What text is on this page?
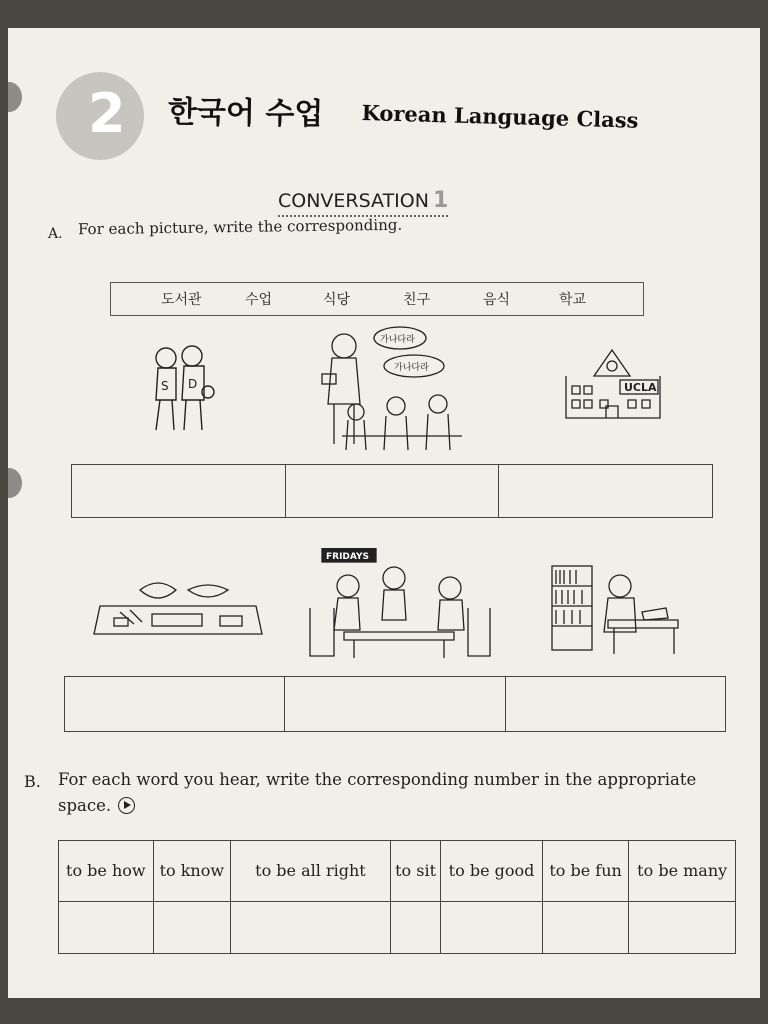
2 한국어 수업 Korean Language Class
CONVERSATION 1
A. For each picture, write the corresponding.
도서관	수업	식당	친구	음식	학교
S D
가나다라
가나다라
UCLA
FRIDAYS
B. For each word you hear, write the corresponding number in the appropriate
space.
to be how	to know	to be all right	to sit	to be good	to be fun	to be many
